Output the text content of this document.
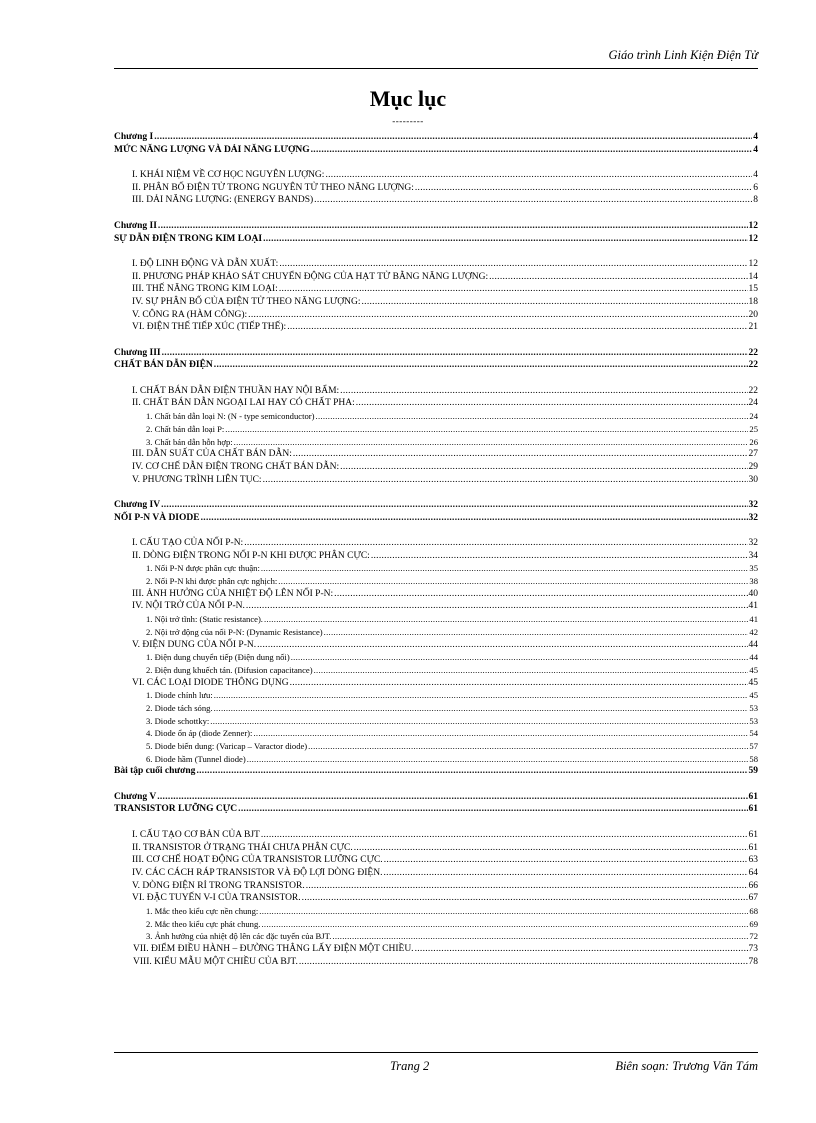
Giáo trình Linh Kiện Điện Tử
Mục lục
---------
Chương I .....	4
MỨC NĂNG LƯỢNG VÀ DẢI NĂNG LƯỢNG .....	4
I. KHÁI NIỆM VỀ CƠ HỌC NGUYÊN LƯỢNG: .....	4
II. PHÂN BỐ ĐIỆN TỬ TRONG NGUYÊN TỬ THEO NĂNG LƯỢNG: .....	6
III. DẢI NĂNG LƯỢNG: (ENERGY BANDS) .....	8
Chương II .....	12
SỰ DẪN ĐIỆN TRONG KIM LOẠI .....	12
I. ĐỘ LINH ĐỘNG VÀ DẪN XUẤT: .....	12
II. PHƯƠNG PHÁP KHẢO SÁT CHUYỂN ĐỘNG CỦA HẠT TỬ BẰNG NĂNG LƯỢNG: .....	14
III. THẾ NĂNG TRONG KIM LOẠI: .....	15
IV. SỰ PHÂN BỐ CỦA ĐIỆN TỬ THEO NĂNG LƯỢNG: .....	18
V. CÔNG RA (HÀM CÔNG): .....	20
VI. ĐIỆN THẾ TIẾP XÚC (TIẾP THẾ): .....	21
Chương III .....	22
CHẤT BÁN DẪN ĐIỆN .....	22
I. CHẤT BÁN DẪN ĐIỆN THUẦN HAY NỘI BẨM: .....	22
II. CHẤT BÁN DẪN NGOẠI LAI HAY CÓ CHẤT PHA: .....	24
1. Chất bán dẫn loại N: (N - type semiconductor) .....	24
2. Chất bán dẫn loại P: .....	25
3. Chất bán dẫn hỗn hợp: .....	26
III. DẪN SUẤT CỦA CHẤT BÁN DẪN: .....	27
IV. CƠ CHẾ DẪN ĐIỆN TRONG CHẤT BÁN DẪN: .....	29
V. PHƯƠNG TRÌNH LIÊN TỤC: .....	30
Chương IV .....	32
NỐI P-N VÀ DIODE .....	32
I. CẤU TẠO CỦA NỐI P-N: .....	32
II. DÒNG ĐIỆN TRONG NỐI P-N KHI ĐƯỢC PHÂN CỰC: .....	34
1. Nối P-N được phân cực thuận: .....	35
2. Nối P-N khi được phân cực nghịch: .....	38
III. ẢNH HƯỞNG CỦA NHIỆT ĐỘ LÊN NỐI P-N: .....	40
IV. NỘI TRỞ CỦA NỐI P-N. .....	41
1. Nội trở tĩnh: (Static resistance). .....	41
2. Nội trở động của nối P-N: (Dynamic Resistance) .....	42
V. ĐIỆN DUNG CỦA NỐI P-N. .....	44
1. Điện dung chuyển tiếp (Điện dung nối) .....	44
2. Điện dung khuếch tán. (Difusion capacitance) .....	45
VI. CÁC LOẠI DIODE THÔNG DỤNG .....	45
1. Diode chỉnh lưu: .....	45
2. Diode tách sóng. .....	53
3. Diode schottky: .....	53
4. Diode ổn áp (diode Zenner): .....	54
5. Diode biến dung: (Varicap – Varactor diode) .....	57
6. Diode hầm (Tunnel diode) .....	58
Bài tập cuối chương .....	59
Chương V .....	61
TRANSISTOR LƯỠNG CỰC .....	61
I. CẤU TẠO CƠ BẢN CỦA BJT .....	61
II. TRANSISTOR Ở TRẠNG THÁI CHƯA PHÂN CỰC. .....	61
III. CƠ CHẾ HOẠT ĐỘNG CỦA TRANSISTOR LƯỠNG CỰC. .....	63
IV. CÁC CÁCH RÁP TRANSISTOR VÀ ĐỘ LỢI DÒNG ĐIỆN. .....	64
V. DÒNG ĐIỆN RỈ TRONG TRANSISTOR. .....	66
VI. ĐẶC TUYẾN V-I CỦA TRANSISTOR. .....	67
1. Mắc theo kiểu cực nền chung: .....	68
2. Mắc theo kiểu cực phát chung. .....	69
3. Ảnh hưởng của nhiệt độ lên các đặc tuyến của BJT. .....	72
VII. ĐIỂM ĐIỀU HÀNH – ĐƯỜNG THẲNG LẤY ĐIỆN MỘT CHIỀU. .....	73
VIII. KIỂU MẪU MỘT CHIỀU CỦA BJT. .....	78
Trang 2	Biên soạn: Trương Văn Tám
